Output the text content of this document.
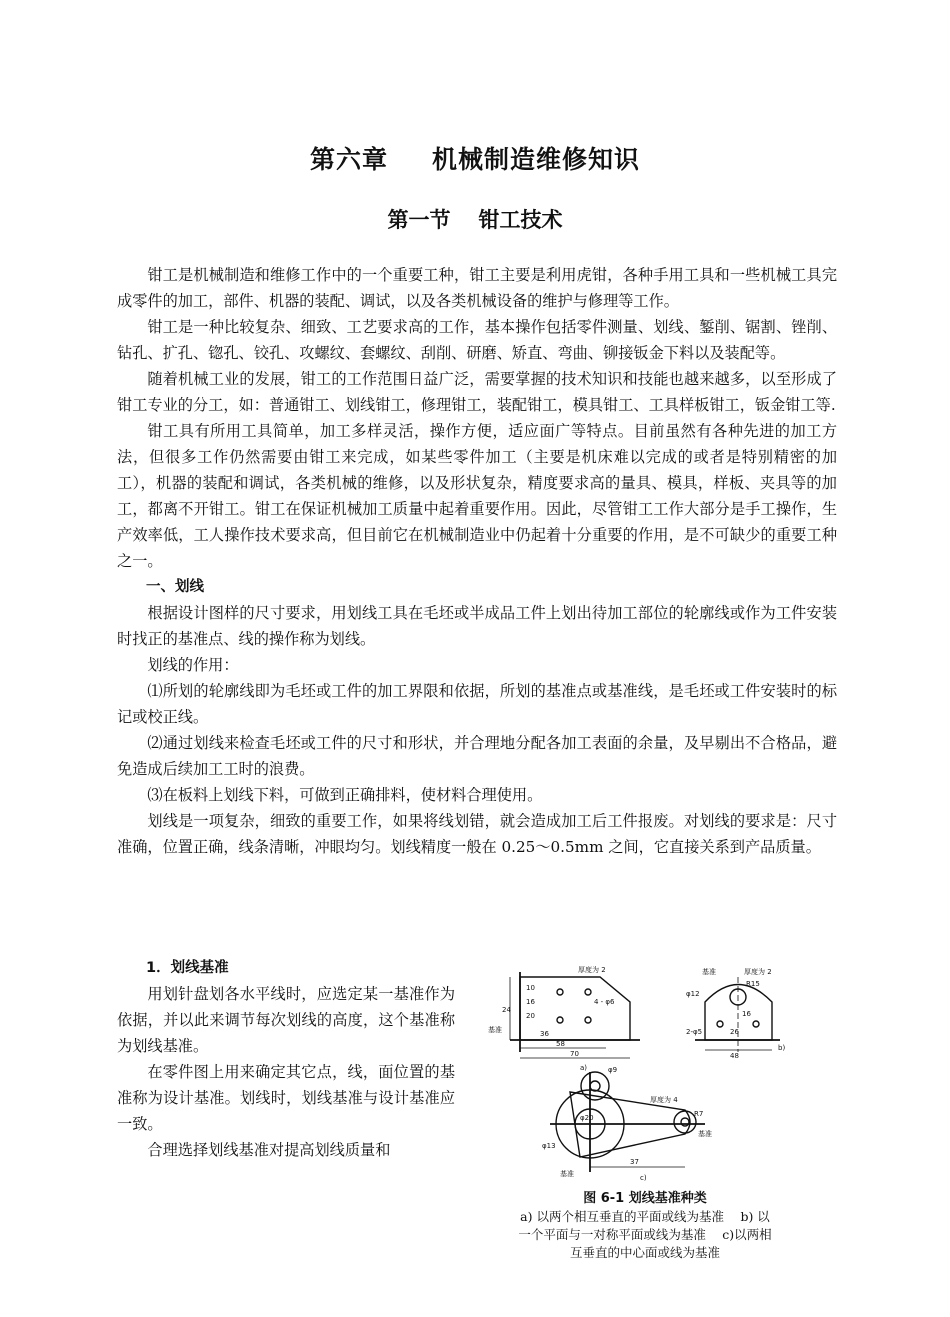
第六章 机械制造维修知识
第一节 钳工技术

钳工是机械制造和维修工作中的一个重要工种，钳工主要是利用虎钳，各种手用工具和一些机械工具完成零件的加工，部件、机器的装配、调试，以及各类机械设备的维护与修理等工作。

钳工是一种比较复杂、细致、工艺要求高的工作，基本操作包括零件测量、划线、錾削、锯割、锉削、钻孔、扩孔、锪孔、铰孔、攻螺纹、套螺纹、刮削、研磨、矫直、弯曲、铆接钣金下料以及装配等。

随着机械工业的发展，钳工的工作范围日益广泛，需要掌握的技术知识和技能也越来越多，以至形成了钳工专业的分工，如：普通钳工、划线钳工，修理钳工，装配钳工，模具钳工、工具样板钳工，钣金钳工等.

钳工具有所用工具简单，加工多样灵活，操作方便，适应面广等特点。目前虽然有各种先进的加工方法，但很多工作仍然需要由钳工来完成，如某些零件加工（主要是机床难以完成的或者是特别精密的加工），机器的装配和调试，各类机械的维修，以及形状复杂，精度要求高的量具、模具，样板、夹具等的加工，都离不开钳工。钳工在保证机械加工质量中起着重要作用。因此，尽管钳工工作大部分是手工操作，生产效率低，工人操作技术要求高，但目前它在机械制造业中仍起着十分重要的作用，是不可缺少的重要工种之一。

一、划线

根据设计图样的尺寸要求，用划线工具在毛坯或半成品工件上划出待加工部位的轮廓线或作为工件安装时找正的基准点、线的操作称为划线。

划线的作用：

⑴所划的轮廓线即为毛坯或工件的加工界限和依据，所划的基准点或基准线，是毛坯或工件安装时的标记或校正线。

⑵通过划线来检查毛坯或工件的尺寸和形状，并合理地分配各加工表面的余量，及早剔出不合格品，避免造成后续加工工时的浪费。

⑶在板料上划线下料，可做到正确排料，使材料合理使用。

划线是一项复杂，细致的重要工作，如果将线划错，就会造成加工后工件报废。对划线的要求是：尺寸准确，位置正确，线条清晰，冲眼均匀。划线精度一般在 0.25～0.5mm 之间，它直接关系到产品质量。

1．划线基准

用划针盘划各水平线时，应选定某一基准作为依据，并以此来调节每次划线的高度，这个基准称为划线基准。

在零件图上用来确定其它点，线，面位置的基准称为设计基准。划线时，划线基准与设计基准应一致。

合理选择划线基准对提高划线质量和

厚度为 2
基准
a)
24
10
16
20
36
58
70
4 - φ6
基准	厚度为 2
φ12
R15
16
26
2-φ5
48
b)
厚度为 4
φ9
φ20
φ13
R7
37
基准
基准	c)
图 6-1 划线基准种类
a) 以两个相互垂直的平面或线为基准　 b) 以
一个平面与一对称平面或线为基准　 c)以两相
互垂直的中心面或线为基准
